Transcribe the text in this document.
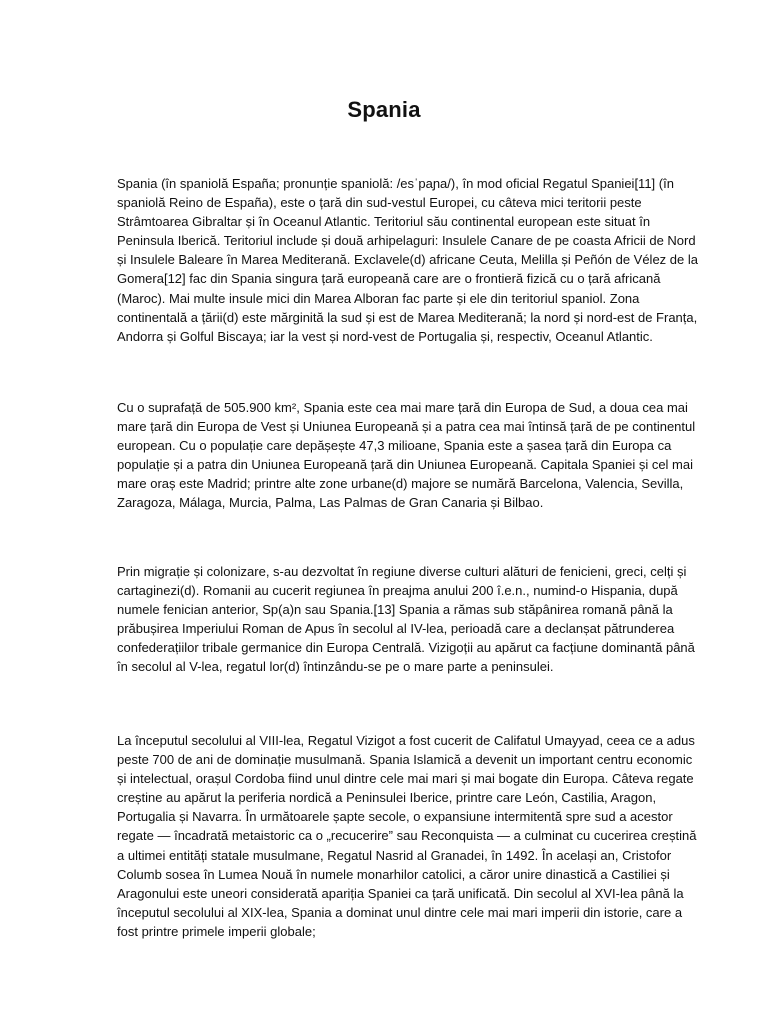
Spania

Spania (în spaniolă España; pronunție spaniolă: /esˈpaɲa/), în mod oficial Regatul Spaniei[11] (în spaniolă Reino de España), este o țară din sud-vestul Europei, cu câteva mici teritorii peste Strâmtoarea Gibraltar și în Oceanul Atlantic. Teritoriul său continental european este situat în Peninsula Iberică. Teritoriul include și două arhipelaguri: Insulele Canare de pe coasta Africii de Nord și Insulele Baleare în Marea Mediterană. Exclavele(d) africane Ceuta, Melilla și Peñón de Vélez de la Gomera[12] fac din Spania singura țară europeană care are o frontieră fizică cu o țară africană (Maroc). Mai multe insule mici din Marea Alboran fac parte și ele din teritoriul spaniol. Zona continentală a țării(d) este mărginită la sud și est de Marea Mediterană; la nord și nord-est de Franța, Andorra și Golful Biscaya; iar la vest și nord-vest de Portugalia și, respectiv, Oceanul Atlantic.

Cu o suprafață de 505.900 km², Spania este cea mai mare țară din Europa de Sud, a doua cea mai mare țară din Europa de Vest și Uniunea Europeană și a patra cea mai întinsă țară de pe continentul european. Cu o populație care depășește 47,3 milioane, Spania este a șasea țară din Europa ca populație și a patra din Uniunea Europeană țară din Uniunea Europeană. Capitala Spaniei și cel mai mare oraș este Madrid; printre alte zone urbane(d) majore se numără Barcelona, Valencia, Sevilla, Zaragoza, Málaga, Murcia, Palma, Las Palmas de Gran Canaria și Bilbao.

Prin migrație și colonizare, s-au dezvoltat în regiune diverse culturi alături de fenicieni, greci, celți și cartaginezi(d). Romanii au cucerit regiunea în preajma anului 200 î.e.n., numind-o Hispania, după numele fenician anterior, Sp(a)n sau Spania.[13] Spania a rămas sub stăpânirea romană până la prăbușirea Imperiului Roman de Apus în secolul al IV-lea, perioadă care a declanșat pătrunderea confederațiilor tribale germanice din Europa Centrală. Vizigoții au apărut ca facțiune dominantă până în secolul al V-lea, regatul lor(d) întinzându-se pe o mare parte a peninsulei.

La începutul secolului al VIII-lea, Regatul Vizigot a fost cucerit de Califatul Umayyad, ceea ce a adus peste 700 de ani de dominație musulmană. Spania Islamică a devenit un important centru economic și intelectual, orașul Cordoba fiind unul dintre cele mai mari și mai bogate din Europa. Câteva regate creștine au apărut la periferia nordică a Peninsulei Iberice, printre care León, Castilia, Aragon, Portugalia și Navarra. În următoarele șapte secole, o expansiune intermitentă spre sud a acestor regate — încadrată metaistoric ca o „recucerire” sau Reconquista — a culminat cu cucerirea creștină a ultimei entități statale musulmane, Regatul Nasrid al Granadei, în 1492. În același an, Cristofor Columb sosea în Lumea Nouă în numele monarhilor catolici, a căror unire dinastică a Castiliei și Aragonului este uneori considerată apariția Spaniei ca țară unificată. Din secolul al XVI-lea până la începutul secolului al XIX-lea, Spania a dominat unul dintre cele mai mari imperii din istorie, care a fost printre primele imperii globale;
